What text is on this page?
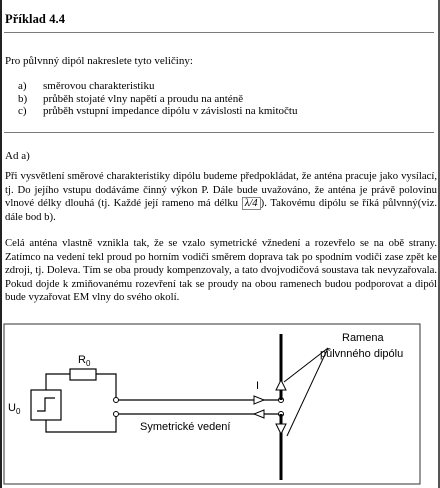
Příklad 4.4
Pro půlvnný dipól nakreslete tyto veličiny:
a)	směrovou charakteristiku
b)	průběh stojaté vlny napětí a proudu na anténě
c)	průběh vstupní impedance dipólu v závislosti na kmitočtu
Ad a)

Při vysvětlení směrové charakteristiky dipólu budeme předpokládat, že anténa pracuje jako vysílací, tj. Do jejího vstupu dodáváme činný výkon P. Dále bude uvažováno, že anténa je právě polovinu vlnové délky dlouhá (tj. Každé její rameno má délku λ/4 ). Takovému dipólu se říká půlvnný(viz. dále bod b).

Celá anténa vlastně vznikla tak, že se vzalo symetrické vžnedení a rozevřelo se na obě strany. Zatímco na vedení tekl proud po horním vodiči směrem doprava tak po spodním vodiči zase zpět ke zdroji, tj. Doleva. Tím se oba proudy kompenzovaly, a tato dvojvodičová soustava tak nevyzařovala. Pokud dojde k zmiňovanému rozevření tak se proudy na obou ramenech budou podporovat a dipól bude vyzařovat EM vlny do svého okolí.

$U_0$
$R_0$
I
Symetrické vedení
Ramena
půlvnného dipólu
